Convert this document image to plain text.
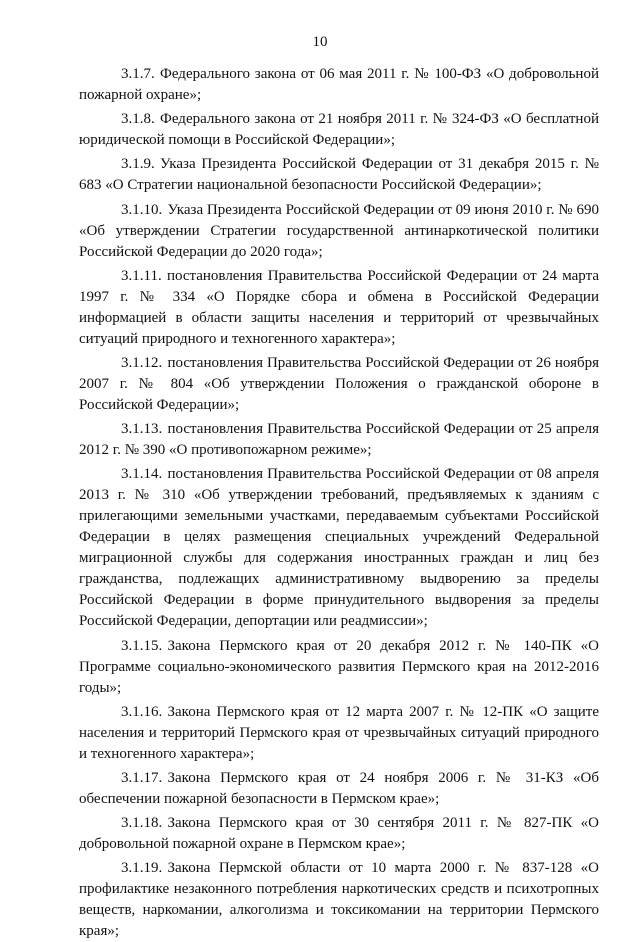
10

3.1.7. Федерального закона от 06 мая 2011 г. № 100-ФЗ «О добровольной пожарной охране»;

3.1.8. Федерального закона от 21 ноября 2011 г. № 324-ФЗ «О бесплатной юридической помощи в Российской Федерации»;

3.1.9. Указа Президента Российской Федерации от 31 декабря 2015 г. № 683 «О Стратегии национальной безопасности Российской Федерации»;

3.1.10. Указа Президента Российской Федерации от 09 июня 2010 г. № 690 «Об утверждении Стратегии государственной антинаркотической политики Российской Федерации до 2020 года»;

3.1.11. постановления Правительства Российской Федерации от 24 марта 1997 г. № 334 «О Порядке сбора и обмена в Российской Федерации информацией в области защиты населения и территорий от чрезвычайных ситуаций природного и техногенного характера»;

3.1.12. постановления Правительства Российской Федерации от 26 ноября 2007 г. № 804 «Об утверждении Положения о гражданской обороне в Российской Федерации»;

3.1.13. постановления Правительства Российской Федерации от 25 апреля 2012 г. № 390 «О противопожарном режиме»;

3.1.14. постановления Правительства Российской Федерации от 08 апреля 2013 г. № 310 «Об утверждении требований, предъявляемых к зданиям с прилегающими земельными участками, передаваемым субъектами Российской Федерации в целях размещения специальных учреждений Федеральной миграционной службы для содержания иностранных граждан и лиц без гражданства, подлежащих административному выдворению за пределы Российской Федерации в форме принудительного выдворения за пределы Российской Федерации, депортации или реадмиссии»;

3.1.15. Закона Пермского края от 20 декабря 2012 г. № 140-ПК «О Программе социально-экономического развития Пермского края на 2012-2016 годы»;

3.1.16. Закона Пермского края от 12 марта 2007 г. № 12-ПК «О защите населения и территорий Пермского края от чрезвычайных ситуаций природного и техногенного характера»;

3.1.17. Закона Пермского края от 24 ноября 2006 г. № 31-КЗ «Об обеспечении пожарной безопасности в Пермском крае»;

3.1.18. Закона Пермского края от 30 сентября 2011 г. № 827-ПК «О добровольной пожарной охране в Пермском крае»;

3.1.19. Закона Пермской области от 10 марта 2000 г. № 837-128 «О профилактике незаконного потребления наркотических средств и психотропных веществ, наркомании, алкоголизма и токсикомании на территории Пермского края»;
